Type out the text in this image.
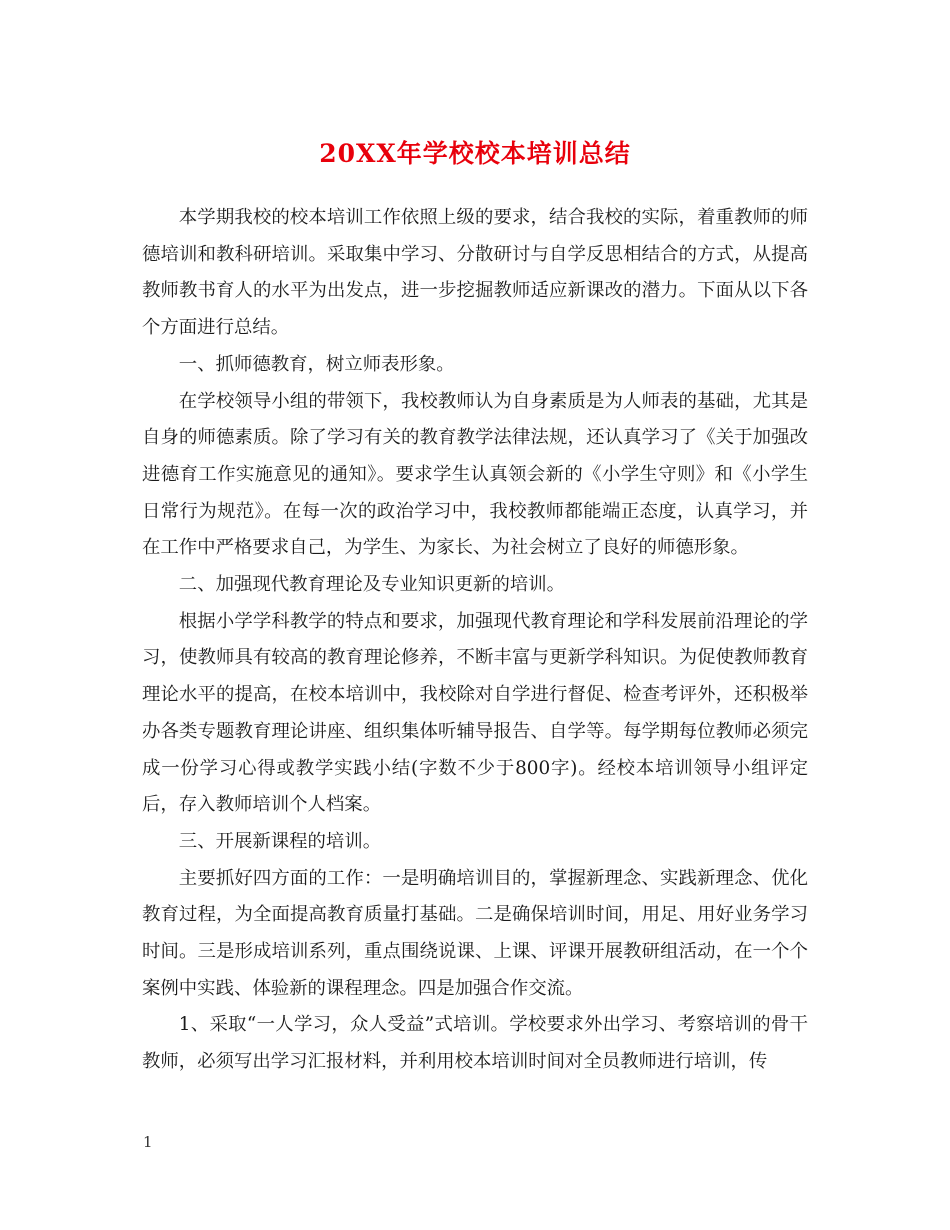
20XX年学校校本培训总结

本学期我校的校本培训工作依照上级的要求，结合我校的实际，着重教师的师德培训和教科研培训。采取集中学习、分散研讨与自学反思相结合的方式，从提高教师教书育人的水平为出发点，进一步挖掘教师适应新课改的潜力。下面从以下各个方面进行总结。

一、抓师德教育，树立师表形象。

在学校领导小组的带领下，我校教师认为自身素质是为人师表的基础，尤其是自身的师德素质。除了学习有关的教育教学法律法规，还认真学习了《关于加强改进德育工作实施意见的通知》。要求学生认真领会新的《小学生守则》和《小学生日常行为规范》。在每一次的政治学习中，我校教师都能端正态度，认真学习，并在工作中严格要求自己，为学生、为家长、为社会树立了良好的师德形象。

二、加强现代教育理论及专业知识更新的培训。

根据小学学科教学的特点和要求，加强现代教育理论和学科发展前沿理论的学习，使教师具有较高的教育理论修养，不断丰富与更新学科知识。为促使教师教育理论水平的提高，在校本培训中，我校除对自学进行督促、检查考评外，还积极举办各类专题教育理论讲座、组织集体听辅导报告、自学等。每学期每位教师必须完成一份学习心得或教学实践小结(字数不少于800字)。经校本培训领导小组评定后，存入教师培训个人档案。

三、开展新课程的培训。

主要抓好四方面的工作：一是明确培训目的，掌握新理念、实践新理念、优化教育过程，为全面提高教育质量打基础。二是确保培训时间，用足、用好业务学习时间。三是形成培训系列，重点围绕说课、上课、评课开展教研组活动，在一个个案例中实践、体验新的课程理念。四是加强合作交流。

1、采取“一人学习，众人受益”式培训。学校要求外出学习、考察培训的骨干教师，必须写出学习汇报材料，并利用校本培训时间对全员教师进行培训，传

1
